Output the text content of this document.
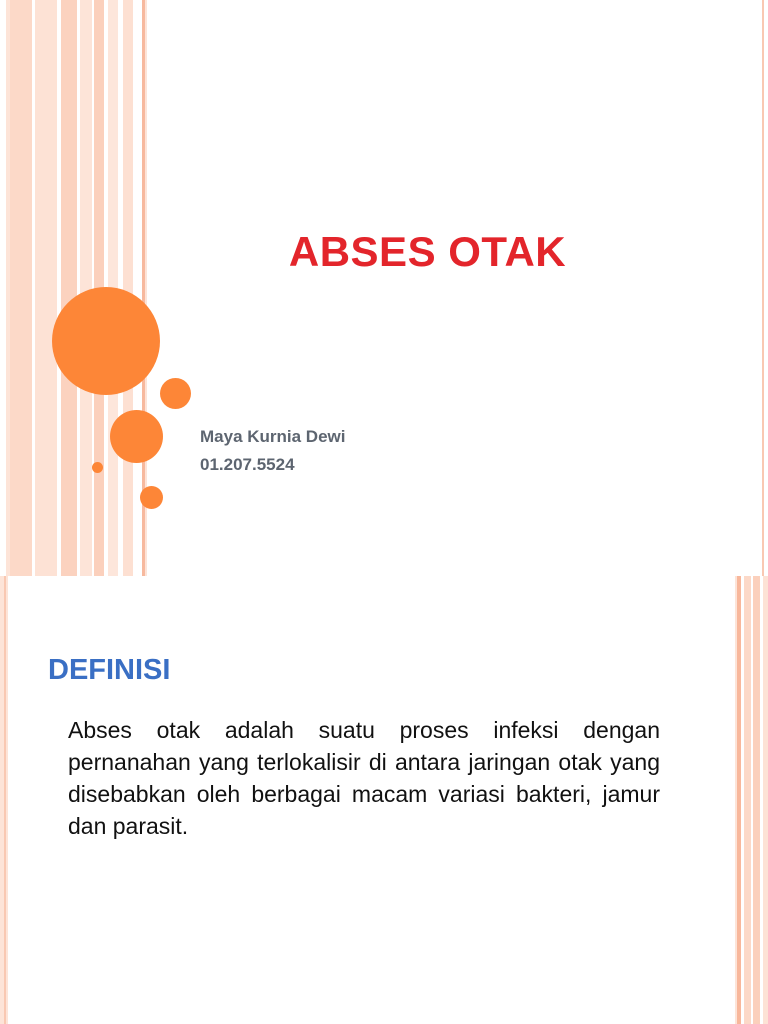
ABSES OTAK
Maya Kurnia Dewi
01.207.5524
DEFINISI
Abses otak adalah suatu proses infeksi dengan pernanahan yang terlokalisir di antara jaringan otak yang disebabkan oleh berbagai macam variasi bakteri, jamur dan parasit.
